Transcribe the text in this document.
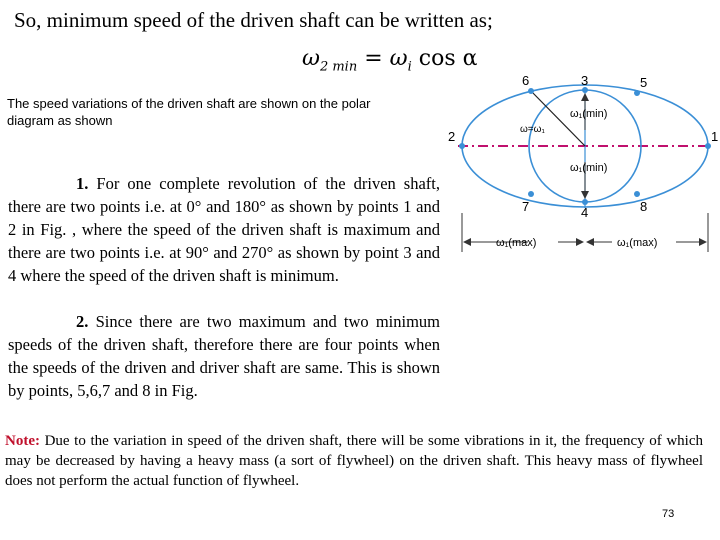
So, minimum speed of the driven shaft can be written as;
$\omega_{2 min} = \omega_i$ cos α
The speed variations of the driven shaft are shown on the polar diagram as shown
1. For one complete revolution of the driven shaft, there are two points i.e. at 0° and 180° as shown by points 1 and 2 in Fig. , where the speed of the driven shaft is maximum and there are two points i.e. at 90° and 270° as shown by point 3 and 4 where the speed of the driven shaft is minimum.
2. Since there are two maximum and two minimum speeds of the driven shaft, therefore there are four points when the speeds of the driven and driver shaft are same. This is shown by points, 5,6,7 and 8 in Fig.
Note: Due to the variation in speed of the driven shaft, there will be some vibrations in it, the frequency of which may be decreased by having a heavy mass (a sort of flywheel) on the driven shaft. This heavy mass of flywheel does not perform the actual function of flywheel.
73
1
2
3
4
5
6
7	8
ω₁(min)
ω₁(min)
ω=ω₁
ω₁(max)	ω₁(max)
